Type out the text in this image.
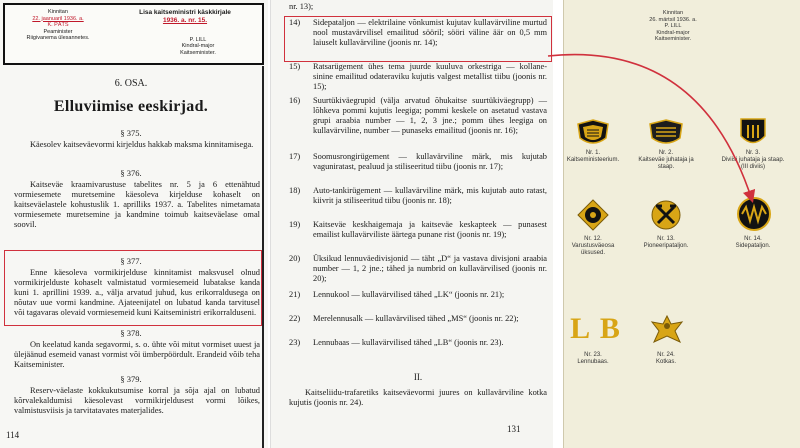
Kinnitan
22. jaanuaril 1936. a.
K. PÄTS
Peaminister
Riigivanema ülesannetes.
Lisa kaitseministri käskkirjale
1936. a. nr. 15.
P. LILL
Kindral-major
Kaitseminister.
6. OSA.
Elluviimise eeskirjad.
§ 375.
Käesolev kaitseväevormi kirjeldus hakkab maksma kinnitamisega.
§ 376.
Kaitseväe kraamivarustuse tabelites nr. 5 ja 6 ettenähtud vormiesemete muretsemine käesoleva kirjelduse kohaselt on kaitseväelastele kohustuslik 1. aprilliks 1937. a. Tabelites nimetamata vormiesemete muretsemine ja kandmine toimub kaitseväelase omal soovil.
§ 377.
Enne käesoleva vormikirjelduse kinnitamist maksvusel olnud vormikirjelduste kohaselt valmistatud vormiesemeid lubatakse kanda kuni 1. aprillini 1939. a., välja arvatud juhud, kus erikorraldusega on nõutav uue vormi kandmine. Ajateenijatel on lubatud kanda tarvitusel või tagavaras olevaid vormiesemeid kuni Kaitseministri erikorralduseni.
§ 378.
On keelatud kanda segavormi, s. o. ühte või mitut vormiset uuest ja ülejäänud esemeid vanast vormist või ümberpöördult. Erandeid võib teha Kaitseminister.
§ 379.
Reserv-väelaste kokkukutsumise korral ja sõja ajal on lubatud kõrvalekaldumisi käesolevast vormikirjeldusest vormi lõikes, valmistusviisis ja tarvitatavates materjalides.
114
nr. 13);
14)	Sidepataljon — elektrilaine võnkumist kujutav kullavärviline murtud nool mustavärvilisel emailitud sööril; sööri väline äär on 0,5 mm laiuselt kullavärviline (joonis nr. 14);
15)	Ratsarügement ühes tema juurde kuuluva orkestriga — kollane-sinine emailitud odateraviku kujutis valgest metallist tiibu (joonis nr. 15);
16)	Suurtükiväegrupid (välja arvatud õhukaitse suurtükiväegrupp) — lõhkeva pommi kujutis leegiga; pommi keskele on asetatud vastava grupi araabia number — 1, 2, 3 jne.; pomm ühes leegiga on kullavärviline, number — punaseks emailitud (joonis nr. 16);
17)	Soomusrongirügement — kullavärviline märk, mis kujutab vaguniratast, pealuud ja stiliseeritud tiibu (joonis nr. 17);
18)	Auto-tankirügement — kullavärviline märk, mis kujutab auto ratast, kiivrit ja stiliseeritud tiibu (joonis nr. 18);
19)	Kaitseväe keskhaigemaja ja kaitseväe keskapteek — punasest emailist kullavärviliste äärtega punane rist (joonis nr. 19);
20)	Üksikud lennuväedivisjonid — täht „D“ ja vastava divisjoni araabia number — 1, 2 jne.; tähed ja numbrid on kullavärvilised (joonis nr. 20);
21)	Lennukool — kullavärvilised tähed „LK“ (joonis nr. 21);
22)	Merelennusalk — kullavärvilised tähed „MS“ (joonis nr. 22);
23)	Lennubaas — kullavärvilised tähed „LB“ (joonis nr. 23).
II.
Kaitseliidu-trafaretiks kaitseväevormi juures on kullavärviline kotka kujutis (joonis nr. 24).
131
Kinnitan
26. märtsil 1936. a.
P. LILL
Kindral-major
Kaitseminister.
Nr. 1.
Kaitseministeerium.
Nr. 2.
Kaitseväe juhataja ja staap.
Nr. 3.
Diviisi juhataja ja staap. (III diviis)
Nr. 12.
Varustusväeosa üksused.
Nr. 13.
Pioneeripataljon.
Nr. 14.
Sidepataljon.
L B
Nr. 23.
Lennubaas.
Nr. 24.
Kotkas.
